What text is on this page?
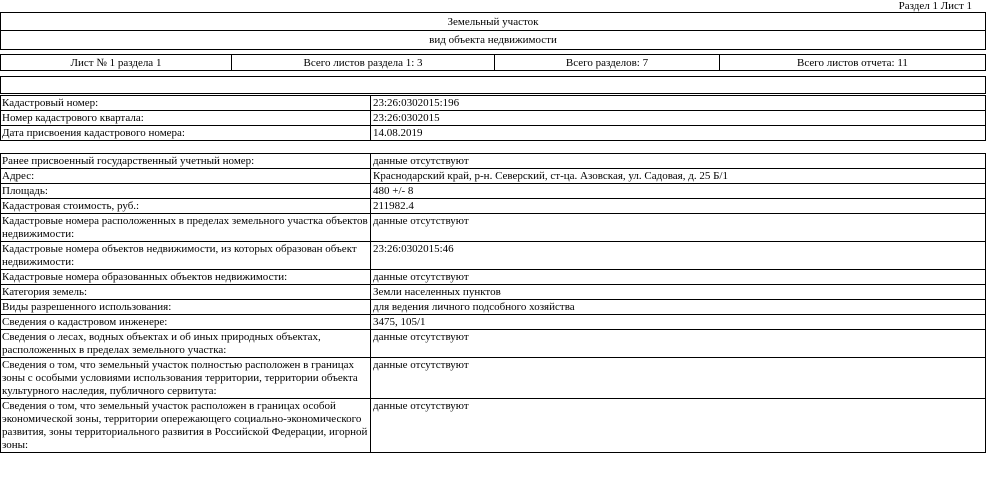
Раздел 1 Лист 1
Земельный участок
вид объекта недвижимости
Лист № 1 раздела 1	Всего листов раздела 1: 3	Всего разделов: 7	Всего листов отчета: 11
Кадастровый номер:	23:26:0302015:196
Номер кадастрового квартала:	23:26:0302015
Дата присвоения кадастрового номера:	14.08.2019
Ранее присвоенный государственный учетный номер:	данные отсутствуют
Адрес:	Краснодарский край, р-н. Северский, ст-ца. Азовская, ул. Садовая, д. 25 Б/1
Площадь:	480 +/- 8
Кадастровая стоимость, руб.:	211982.4
Кадастровые номера расположенных в пределах земельного участка объектов недвижимости:	данные отсутствуют
Кадастровые номера объектов недвижимости, из которых образован объект недвижимости:	23:26:0302015:46
Кадастровые номера образованных объектов недвижимости:	данные отсутствуют
Категория земель:	Земли населенных пунктов
Виды разрешенного использования:	для ведения личного подсобного хозяйства
Сведения о кадастровом инженере:	3475, 105/1
Сведения о лесах, водных объектах и об иных природных объектах, расположенных в пределах земельного участка:	данные отсутствуют
Сведения о том, что земельный участок полностью расположен в границах зоны с особыми условиями использования территории, территории объекта культурного наследия, публичного сервитута:	данные отсутствуют
Сведения о том, что земельный участок расположен в границах особой экономической зоны, территории опережающего социально-экономического развития, зоны территориального развития в Российской Федерации, игорной зоны:	данные отсутствуют
